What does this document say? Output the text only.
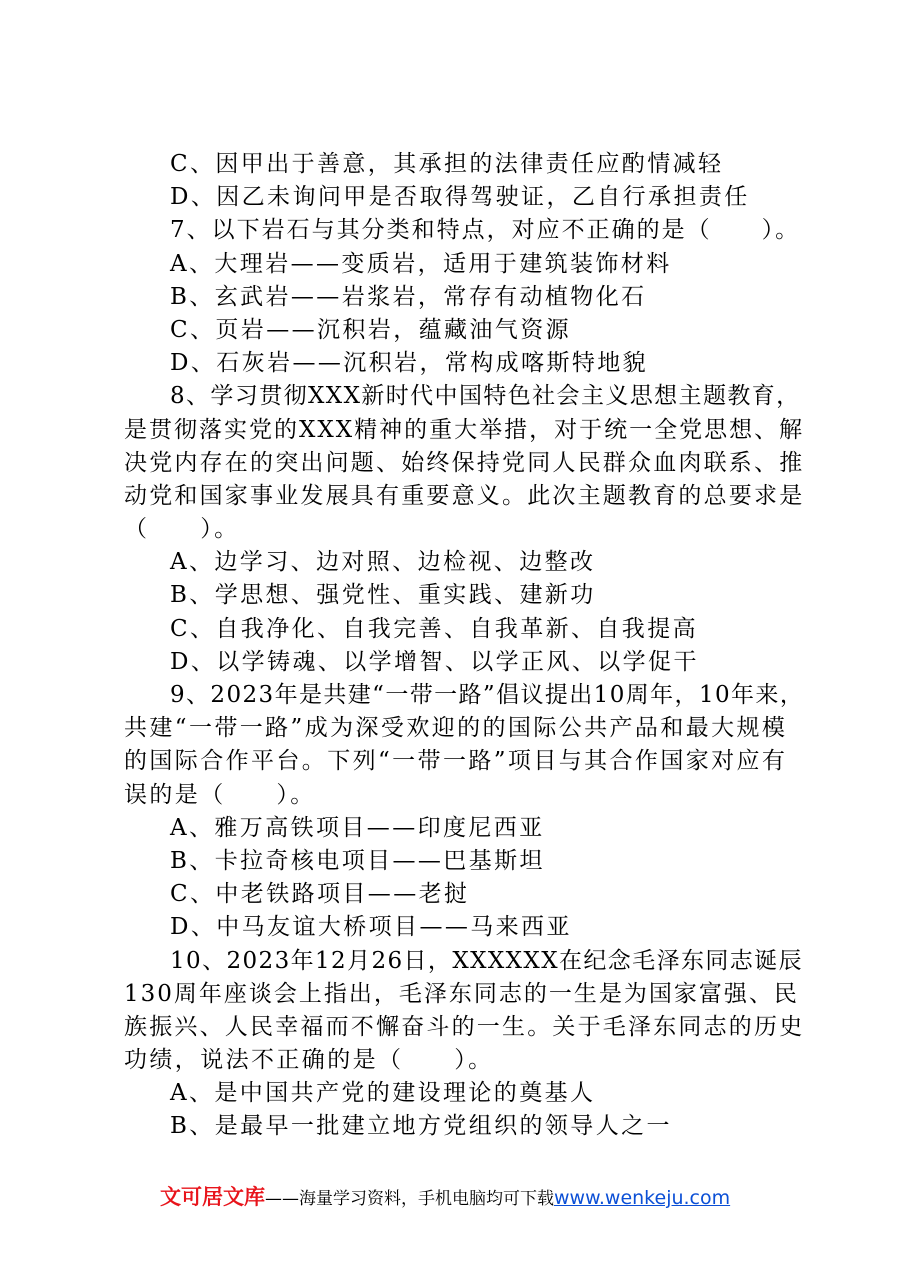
C、因甲出于善意，其承担的法律责任应酌情减轻
D、因乙未询问甲是否取得驾驶证，乙自行承担责任
7、以下岩石与其分类和特点，对应不正确的是（　　）。
A、大理岩——变质岩，适用于建筑装饰材料
B、玄武岩——岩浆岩，常存有动植物化石
C、页岩——沉积岩，蕴藏油气资源
D、石灰岩——沉积岩，常构成喀斯特地貌
8、学习贯彻XXX新时代中国特色社会主义思想主题教育，
是贯彻落实党的XXX精神的重大举措，对于统一全党思想、解
决党内存在的突出问题、始终保持党同人民群众血肉联系、推
动党和国家事业发展具有重要意义。此次主题教育的总要求是
（　　）。
A、边学习、边对照、边检视、边整改
B、学思想、强党性、重实践、建新功
C、自我净化、自我完善、自我革新、自我提高
D、以学铸魂、以学增智、以学正风、以学促干
9、2023年是共建“一带一路”倡议提出10周年，10年来，
共建“一带一路”成为深受欢迎的的国际公共产品和最大规模
的国际合作平台。下列“一带一路”项目与其合作国家对应有
误的是（　　）。
A、雅万高铁项目——印度尼西亚
B、卡拉奇核电项目——巴基斯坦
C、中老铁路项目——老挝
D、中马友谊大桥项目——马来西亚
10、2023年12月26日，XXXXXX在纪念毛泽东同志诞辰
130周年座谈会上指出，毛泽东同志的一生是为国家富强、民
族振兴、人民幸福而不懈奋斗的一生。关于毛泽东同志的历史
功绩，说法不正确的是（　　）。
A、是中国共产党的建设理论的奠基人
B、是最早一批建立地方党组织的领导人之一
文可居文库——海量学习资料，手机电脑均可下载www.wenkeju.com
